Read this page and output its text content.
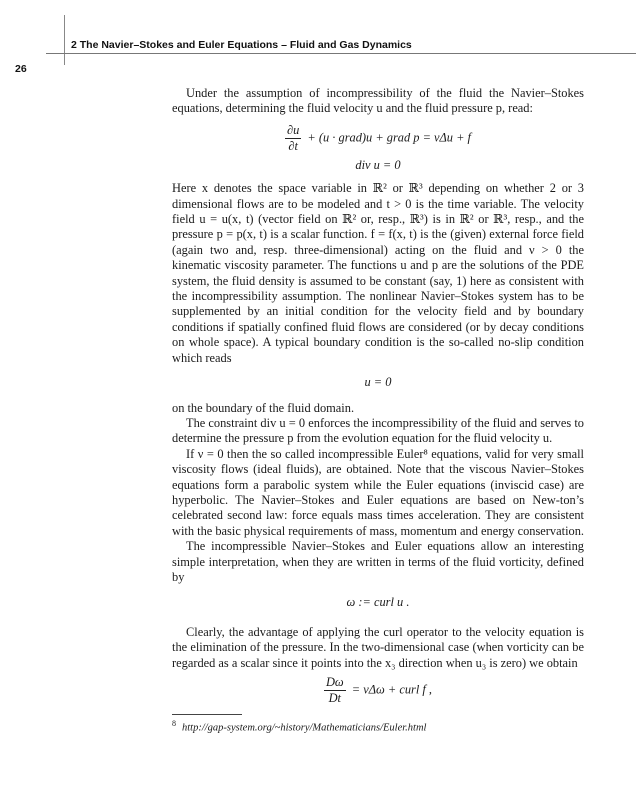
2 The Navier–Stokes and Euler Equations – Fluid and Gas Dynamics
26

Under the assumption of incompressibility of the fluid the Navier–Stokes equations, determining the fluid velocity u and the fluid pressure p, read:

$\frac{\partial u}{\partial t} + (u$ · grad)u + grad p = νΔu + f
div u = 0

Here x denotes the space variable in ℝ² or ℝ³ depending on whether 2 or 3 dimensional flows are to be modeled and t > 0 is the time variable. The velocity field u = u(x, t) (vector field on ℝ² or, resp., ℝ³) is in ℝ² or ℝ³, resp., and the pressure p = p(x, t) is a scalar function. f = f(x, t) is the (given) external force field (again two and, resp. three-dimensional) acting on the fluid and ν > 0 the kinematic viscosity parameter. The functions u and p are the solutions of the PDE system, the fluid density is assumed to be constant (say, 1) here as consistent with the incompressibility assumption. The nonlinear Navier–Stokes system has to be supplemented by an initial condition for the velocity field and by boundary conditions if spatially confined fluid flows are considered (or by decay conditions on whole space). A typical boundary condition is the so-called no-slip condition which reads

u = 0

on the boundary of the fluid domain.

The constraint div u = 0 enforces the incompressibility of the fluid and serves to determine the pressure p from the evolution equation for the fluid velocity u.

If ν = 0 then the so called incompressible Euler⁸ equations, valid for very small viscosity flows (ideal fluids), are obtained. Note that the viscous Navier–Stokes equations form a parabolic system while the Euler equations (inviscid case) are hyperbolic. The Navier–Stokes and Euler equations are based on New-ton’s celebrated second law: force equals mass times acceleration. They are consistent with the basic physical requirements of mass, momentum and energy conservation.

The incompressible Navier–Stokes and Euler equations allow an interesting simple interpretation, when they are written in terms of the fluid vorticity, defined by

ω := curl u .

Clearly, the advantage of applying the curl operator to the velocity equation is the elimination of the pressure. In the two-dimensional case (when vorticity can be regarded as a scalar since it points into the x₃ direction when u₃ is zero) we obtain

$\frac{D\omega}{Dt} = \nu\Delta\omega$ + curl f ,
$^8$ http://gap-system.org/~history/Mathematicians/Euler.html
